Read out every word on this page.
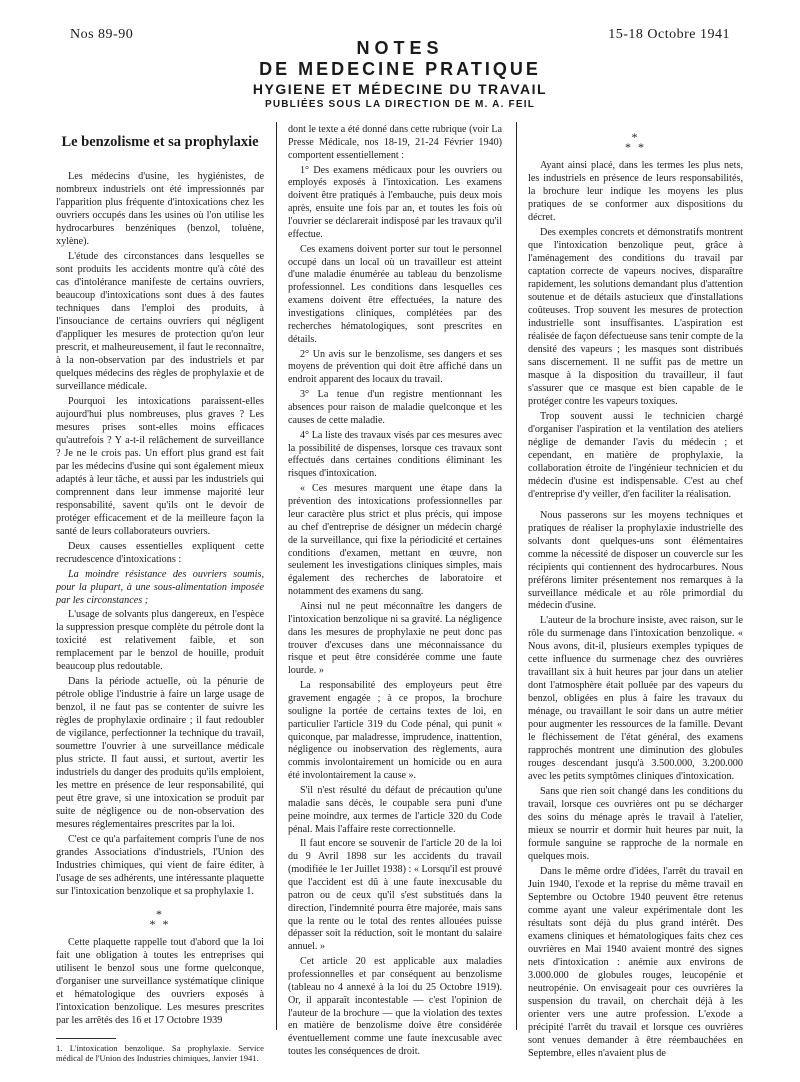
Nos 89-90	15-18 Octobre 1941
NOTES
DE MEDECINE PRATIQUE
HYGIENE ET MÉDECINE DU TRAVAIL
PUBLIÉES SOUS LA DIRECTION DE M. A. FEIL
Le benzolisme et sa prophylaxie

Les médecins d'usine, les hygiénistes, de nombreux industriels ont été impressionnés par l'apparition plus fréquente d'intoxications chez les ouvriers occupés dans les usines où l'on utilise les hydrocarbures benzéniques (benzol, toluène, xylène).

L'étude des circonstances dans lesquelles se sont produits les accidents montre qu'à côté des cas d'intolérance manifeste de certains ouvriers, beaucoup d'intoxications sont dues à des fautes techniques dans l'emploi des produits, à l'insouciance de certains ouvriers qui négligent d'appliquer les mesures de protection qu'on leur prescrit, et malheureusement, il faut le reconnaître, à la non-observation par des industriels et par quelques médecins des règles de prophylaxie et de surveillance médicale.

Pourquoi les intoxications paraissent-elles aujourd'hui plus nombreuses, plus graves ? Les mesures prises sont-elles moins efficaces qu'autrefois ? Y a-t-il relâchement de surveillance ? Je ne le crois pas. Un effort plus grand est fait par les médecins d'usine qui sont également mieux adaptés à leur tâche, et aussi par les industriels qui comprennent dans leur immense majorité leur responsabilité, savent qu'ils ont le devoir de protéger efficacement et de la meilleure façon la santé de leurs collaborateurs ouvriers.

Deux causes essentielles expliquent cette recrudescence d'intoxications :

La moindre résistance des ouvriers soumis, pour la plupart, à une sous-alimentation imposée par les circonstances ;

L'usage de solvants plus dangereux, en l'espèce la suppression presque complète du pétrole dont la toxicité est relativement faible, et son remplacement par le benzol de houille, produit beaucoup plus redoutable.

Dans la période actuelle, où la pénurie de pétrole oblige l'industrie à faire un large usage de benzol, il ne faut pas se contenter de suivre les règles de prophylaxie ordinaire ; il faut redoubler de vigilance, perfectionner la technique du travail, soumettre l'ouvrier à une surveillance médicale plus stricte. Il faut aussi, et surtout, avertir les industriels du danger des produits qu'ils emploient, les mettre en présence de leur responsabilité, qui peut être grave, si une intoxication se produit par suite de négligence ou de non-observation des mesures réglementaires prescrites par la loi.

C'est ce qu'a parfaitement compris l'une de nos grandes Associations d'industriels, l'Union des Industries chimiques, qui vient de faire éditer, à l'usage de ses adhérents, une intéressante plaquette sur l'intoxication benzolique et sa prophylaxie 1.

*
* *

Cette plaquette rappelle tout d'abord que la loi fait une obligation à toutes les entreprises qui utilisent le benzol sous une forme quelconque, d'organiser une surveillance systématique clinique et hématologique des ouvriers exposés à l'intoxication benzolique. Les mesures prescrites par les arrêtés des 16 et 17 Octobre 1939

1. L'intoxication benzolique. Sa prophylaxie. Service médical de l'Union des Industries chimiques, Janvier 1941.

dont le texte a été donné dans cette rubrique (voir La Presse Médicale, nos 18-19, 21-24 Février 1940) comportent essentiellement :

1° Des examens médicaux pour les ouvriers ou employés exposés à l'intoxication. Les examens doivent être pratiqués à l'embauche, puis deux mois après, ensuite une fois par an, et toutes les fois où l'ouvrier se déclarerait indisposé par les travaux qu'il effectue.

Ces examens doivent porter sur tout le personnel occupé dans un local où un travailleur est atteint d'une maladie énumérée au tableau du benzolisme professionnel. Les conditions dans lesquelles ces examens doivent être effectuées, la nature des investigations cliniques, complétées par des recherches hématologiques, sont prescrites en détails.

2° Un avis sur le benzolisme, ses dangers et ses moyens de prévention qui doit être affiché dans un endroit apparent des locaux du travail.

3° La tenue d'un registre mentionnant les absences pour raison de maladie quelconque et les causes de cette maladie.

4° La liste des travaux visés par ces mesures avec la possibilité de dispenses, lorsque ces travaux sont effectués dans certaines conditions éliminant les risques d'intoxication.

« Ces mesures marquent une étape dans la prévention des intoxications professionnelles par leur caractère plus strict et plus précis, qui impose au chef d'entreprise de désigner un médecin chargé de la surveillance, qui fixe la périodicité et certaines conditions d'examen, mettant en œuvre, non seulement les investigations cliniques simples, mais également des recherches de laboratoire et notamment des examens du sang.

Ainsi nul ne peut méconnaître les dangers de l'intoxication benzolique ni sa gravité. La négligence dans les mesures de prophylaxie ne peut donc pas trouver d'excuses dans une méconnaissance du risque et peut être considérée comme une faute lourde. »

La responsabilité des employeurs peut être gravement engagée ; à ce propos, la brochure souligne la portée de certains textes de loi, en particulier l'article 319 du Code pénal, qui punit « quiconque, par maladresse, imprudence, inattention, négligence ou inobservation des règlements, aura commis involontairement un homicide ou en aura été involontairement la cause ».

S'il n'est résulté du défaut de précaution qu'une maladie sans décès, le coupable sera puni d'une peine moindre, aux termes de l'article 320 du Code pénal. Mais l'affaire reste correctionnelle.

Il faut encore se souvenir de l'article 20 de la loi du 9 Avril 1898 sur les accidents du travail (modifiée le 1er Juillet 1938) : « Lorsqu'il est prouvé que l'accident est dû à une faute inexcusable du patron ou de ceux qu'il s'est substitués dans la direction, l'indemnité pourra être majorée, mais sans que la rente ou le total des rentes allouées puisse dépasser soit la réduction, soit le montant du salaire annuel. »

Cet article 20 est applicable aux maladies professionnelles et par conséquent au benzolisme (tableau no 4 annexé à la loi du 25 Octobre 1919). Or, il apparaît incontestable — c'est l'opinion de l'auteur de la brochure — que la violation des textes en matière de benzolisme doive être considérée éventuellement comme une faute inexcusable avec toutes les conséquences de droit.

*
* *

Ayant ainsi placé, dans les termes les plus nets, les industriels en présence de leurs responsabilités, la brochure leur indique les moyens les plus pratiques de se conformer aux dispositions du décret.

Des exemples concrets et démonstratifs montrent que l'intoxication benzolique peut, grâce à l'aménagement des conditions du travail par captation correcte de vapeurs nocives, disparaître rapidement, les solutions demandant plus d'attention soutenue et de détails astucieux que d'installations coûteuses. Trop souvent les mesures de protection industrielle sont insuffisantes. L'aspiration est réalisée de façon défectueuse sans tenir compte de la densité des vapeurs ; les masques sont distribués sans discernement. Il ne suffit pas de mettre un masque à la disposition du travailleur, il faut s'assurer que ce masque est bien capable de le protéger contre les vapeurs toxiques.

Trop souvent aussi le technicien chargé d'organiser l'aspiration et la ventilation des ateliers néglige de demander l'avis du médecin ; et cependant, en matière de prophylaxie, la collaboration étroite de l'ingénieur technicien et du médecin d'usine est indispensable. C'est au chef d'entreprise d'y veiller, d'en faciliter la réalisation.

Nous passerons sur les moyens techniques et pratiques de réaliser la prophylaxie industrielle des solvants dont quelques-uns sont élémentaires comme la nécessité de disposer un couvercle sur les récipients qui contiennent des hydrocarbures. Nous préférons limiter présentement nos remarques à la surveillance médicale et au rôle primordial du médecin d'usine.

L'auteur de la brochure insiste, avec raison, sur le rôle du surmenage dans l'intoxication benzolique. « Nous avons, dit-il, plusieurs exemples typiques de cette influence du surmenage chez des ouvrières travaillant six à huit heures par jour dans un atelier dont l'atmosphère était polluée par des vapeurs du benzol, obligées en plus à faire les travaux du ménage, ou travaillant le soir dans un autre métier pour augmenter les ressources de la famille. Devant le fléchissement de l'état général, des examens rapprochés montrent une diminution des globules rouges descendant jusqu'à 3.500.000, 3.200.000 avec les petits symptômes cliniques d'intoxication.

Sans que rien soit changé dans les conditions du travail, lorsque ces ouvrières ont pu se décharger des soins du ménage après le travail à l'atelier, mieux se nourrir et dormir huit heures par nuit, la formule sanguine se rapproche de la normale en quelques mois.

Dans le même ordre d'idées, l'arrêt du travail en Juin 1940, l'exode et la reprise du même travail en Septembre ou Octobre 1940 peuvent être retenus comme ayant une valeur expérimentale dont les résultats sont déjà du plus grand intérêt. Des examens cliniques et hématologiques faits chez ces ouvrières en Mai 1940 avaient montré des signes nets d'intoxication : anémie aux environs de 3.000.000 de globules rouges, leucopénie et neutropénie. On envisageait pour ces ouvrières la suspension du travail, on cherchait déjà à les orienter vers une autre profession. L'exode a précipité l'arrêt du travail et lorsque ces ouvrières sont venues demander à être réembauchées en Septembre, elles n'avaient plus de
